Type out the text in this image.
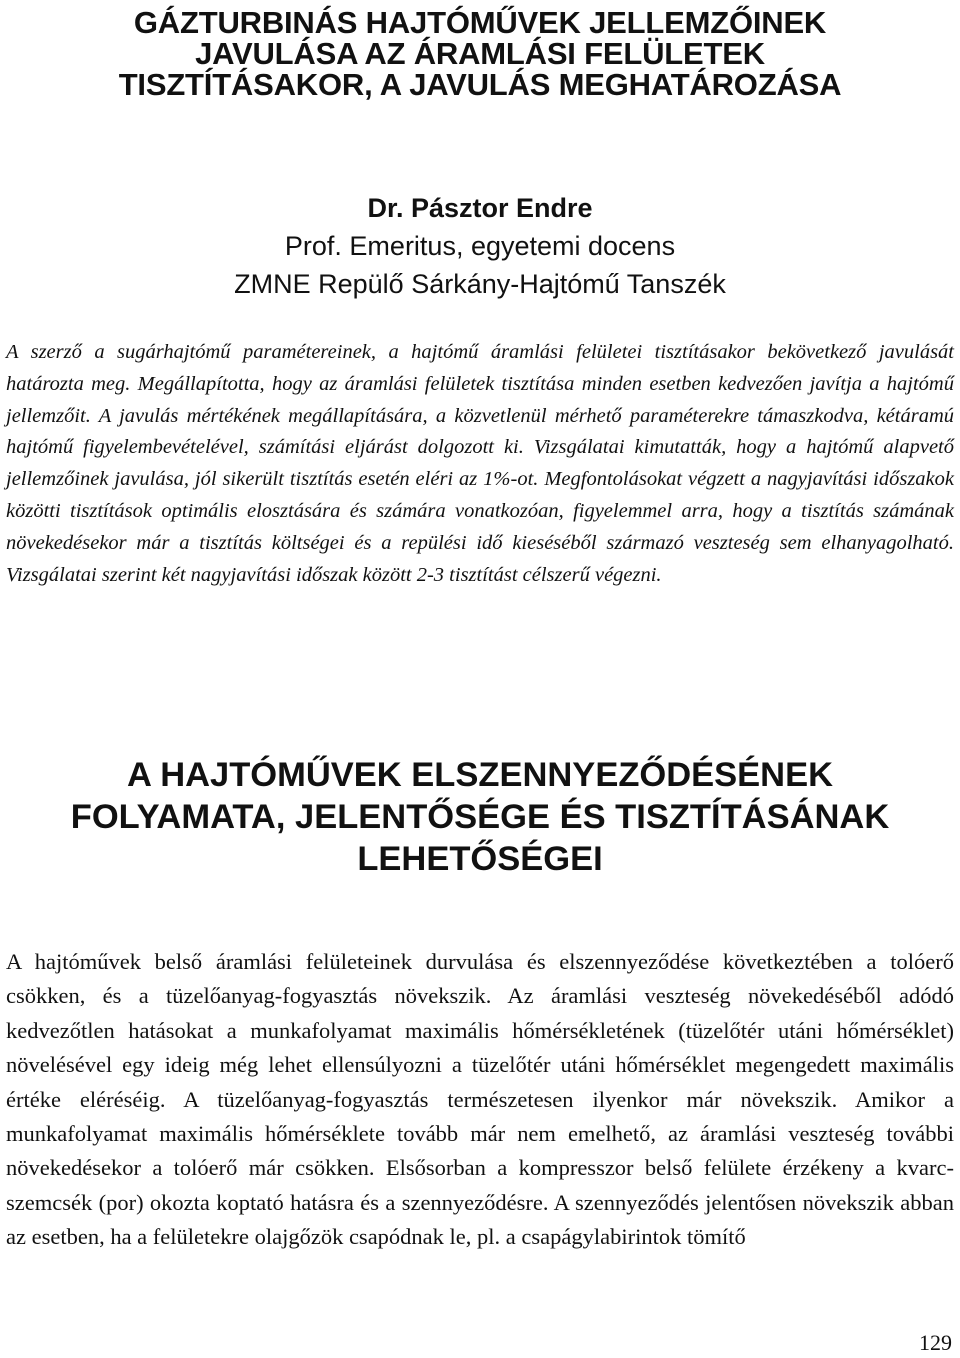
GÁZTURBINÁS HAJTÓMŰVEK JELLEMZŐINEK
JAVULÁSA AZ ÁRAMLÁSI FELÜLETEK
TISZTÍTÁSAKOR, A JAVULÁS MEGHATÁROZÁSA
Dr. Pásztor Endre
Prof. Emeritus, egyetemi docens
ZMNE Repülő Sárkány-Hajtómű Tanszék

A szerző a sugárhajtómű paramétereinek, a hajtómű áramlási felületei tisztításakor bekövetkező javulását határozta meg. Megállapította, hogy az áramlási felületek tisztítása minden esetben kedvezően javítja a hajtómű jellemzőit. A javulás mértékének megállapítására, a közvetlenül mérhető paraméterekre támaszkodva, kétáramú hajtómű figyelembevételével, számítási eljárást dolgozott ki. Vizsgálatai kimutatták, hogy a hajtómű alapvető jellemzőinek javulása, jól sikerült tisztítás esetén eléri az 1%-ot. Megfontolásokat végzett a nagyjavítási időszakok közötti tisztítások optimális elosztására és számára vonatkozóan, figyelemmel arra, hogy a tisztítás számának növekedésekor már a tisztítás költségei és a repülési idő kieséséből származó veszteség sem elhanyagolható. Vizsgálatai szerint két nagyjavítási időszak között 2-3 tisztítást célszerű végezni.

A HAJTÓMŰVEK ELSZENNYEZŐDÉSÉNEK
FOLYAMATA, JELENTŐSÉGE ÉS TISZTÍTÁSÁNAK
LEHETŐSÉGEI

A hajtóművek belső áramlási felületeinek durvulása és elszennyeződése következtében a tolóerő csökken, és a tüzelőanyag-fogyasztás növekszik. Az áramlási veszteség növekedéséből adódó kedvezőtlen hatásokat a munkafolyamat maximális hőmérsékletének (tüzelőtér utáni hőmérséklet) növelésével egy ideig még lehet ellensúlyozni a tüzelőtér utáni hőmérséklet megengedett maximális értéke eléréséig. A tüzelőanyag-fogyasztás természetesen ilyenkor már növekszik. Amikor a munkafolyamat maximális hőmérséklete tovább már nem emelhető, az áramlási veszteség további növekedésekor a tolóerő már csökken. Elsősorban a kompresszor belső felülete érzékeny a kvarc-szemcsék (por) okozta koptató hatásra és a szennyeződésre. A szennyeződés jelentősen növekszik abban az esetben, ha a felületekre olajgőzök csapódnak le, pl. a csapágylabirintok tömítő

129
